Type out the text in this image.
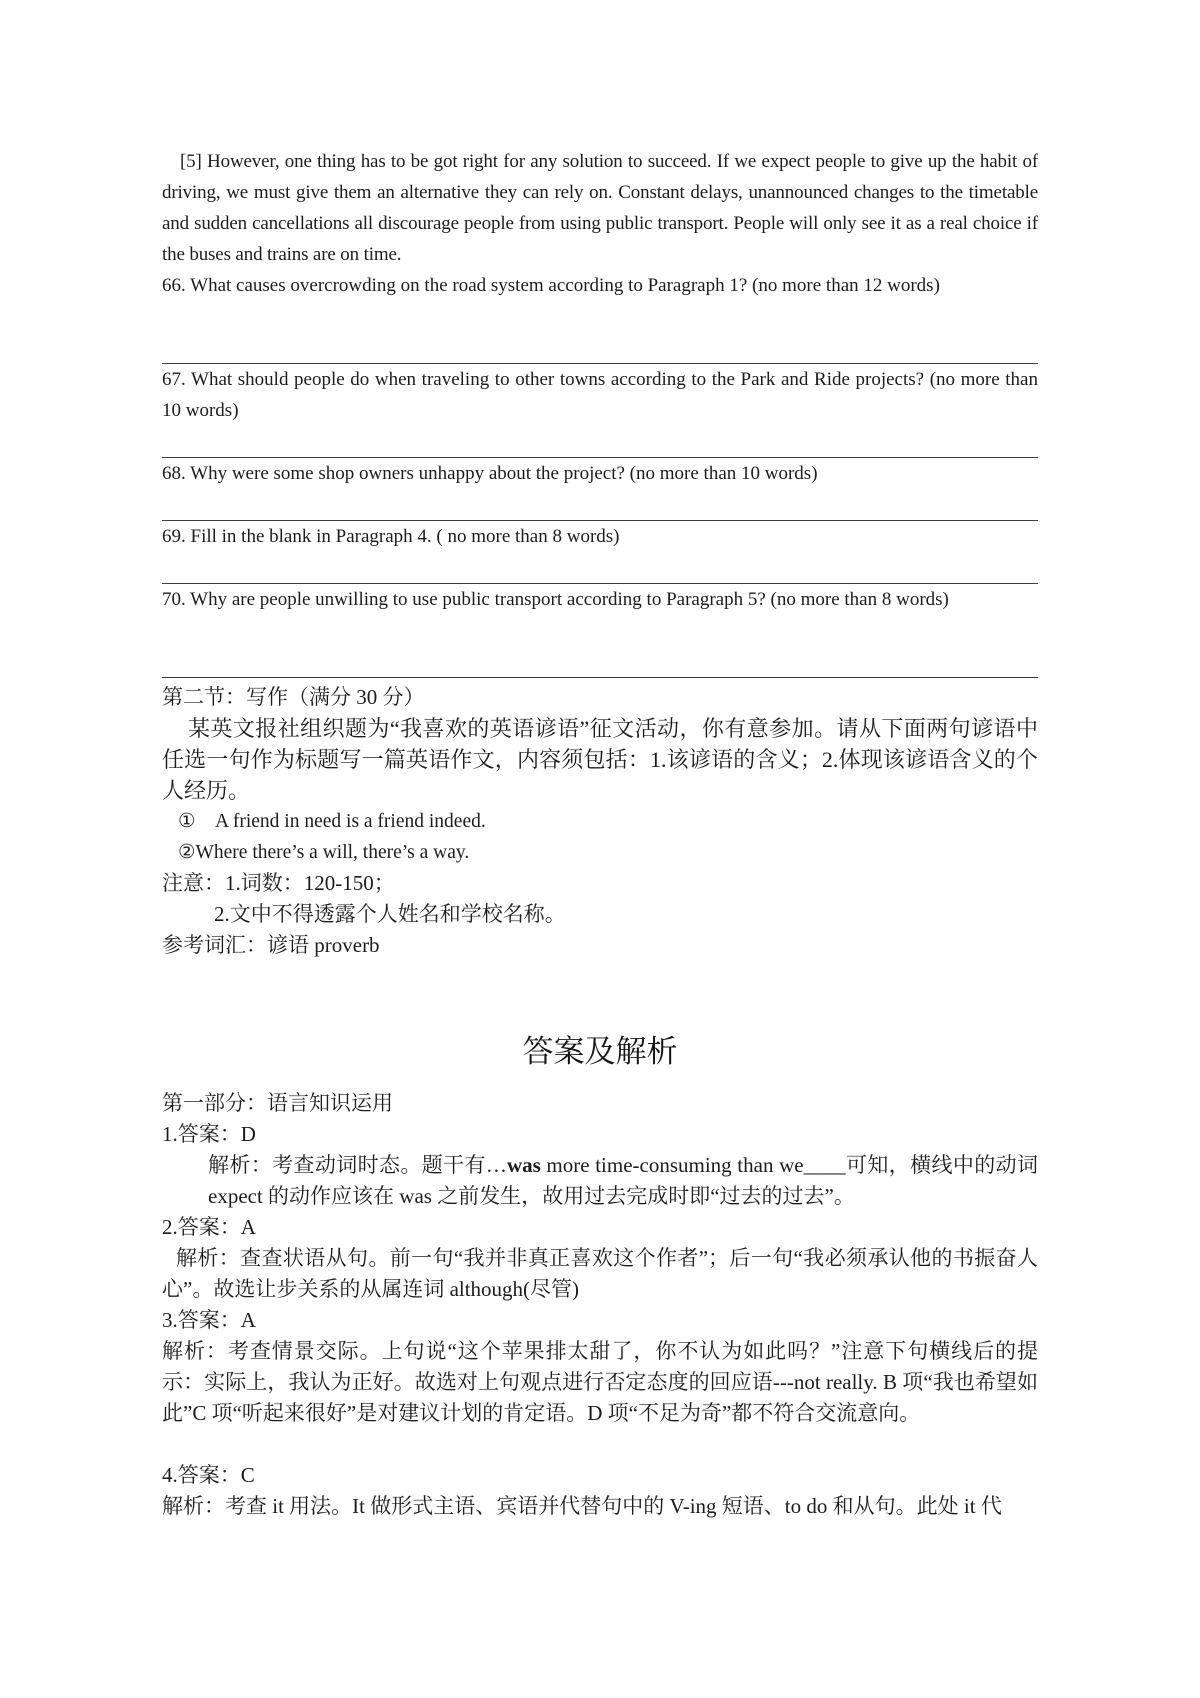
[5] However, one thing has to be got right for any solution to succeed. If we expect people to give up the habit of driving, we must give them an alternative they can rely on. Constant delays, unannounced changes to the timetable and sudden cancellations all discourage people from using public transport. People will only see it as a real choice if the buses and trains are on time.
66. What causes overcrowding on the road system according to Paragraph 1? (no more than 12 words)
67. What should people do when traveling to other towns according to the Park and Ride projects? (no more than 10 words)
68. Why were some shop owners unhappy about the project? (no more than 10 words)
69. Fill in the blank in Paragraph 4. ( no more than 8 words)
70. Why are people unwilling to use public transport according to Paragraph 5? (no more than 8 words)
第二节：写作（满分 30 分）
某英文报社组织题为“我喜欢的英语谚语”征文活动，你有意参加。请从下面两句谚语中任选一句作为标题写一篇英语作文，内容须包括：1.该谚语的含义；2.体现该谚语含义的个人经历。
①　A friend in need is a friend indeed.
②Where there’s a will, there’s a way.
注意：1.词数：120-150；
2.文中不得透露个人姓名和学校名称。
参考词汇：谚语 proverb
答案及解析
第一部分：语言知识运用
1.答案：D
解析：考查动词时态。题干有…was more time-consuming than we____可知，横线中的动词 expect 的动作应该在 was 之前发生，故用过去完成时即“过去的过去”。
2.答案：A
解析：查查状语从句。前一句“我并非真正喜欢这个作者”；后一句“我必须承认他的书振奋人心”。故选让步关系的从属连词 although(尽管)
3.答案：A
解析：考查情景交际。上句说“这个苹果排太甜了，你不认为如此吗？”注意下句横线后的提示：实际上，我认为正好。故选对上句观点进行否定态度的回应语---not really. B 项“我也希望如此”C 项“听起来很好”是对建议计划的肯定语。D 项“不足为奇”都不符合交流意向。
4.答案：C
解析：考查 it 用法。It 做形式主语、宾语并代替句中的 V-ing 短语、to do 和从句。此处 it 代
